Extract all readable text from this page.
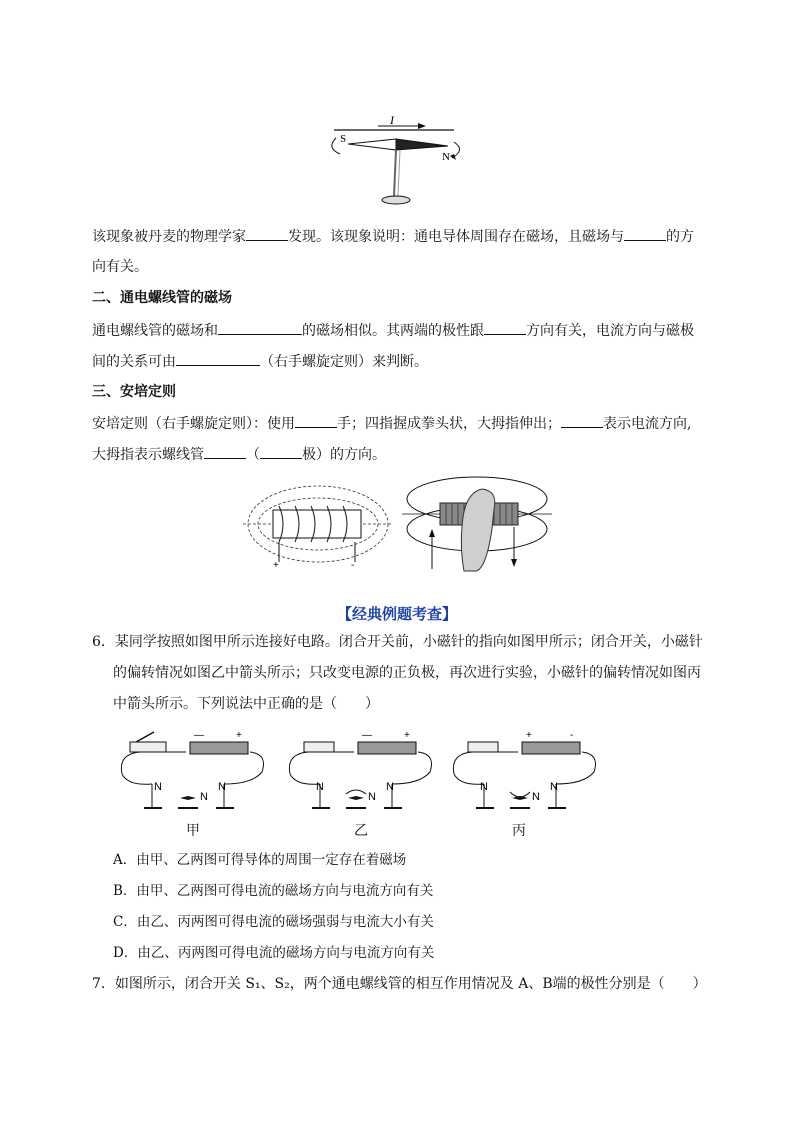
I
S
N
该现象被丹麦的物理学家	发现。该现象说明：通电导体周围存在磁场，且磁场与	的方
向有关。
二、通电螺线管的磁场
通电螺线管的磁场和	的磁场相似。其两端的极性跟	方向有关，电流方向与磁极
间的关系可由	（右手螺旋定则）来判断。
三、安培定则
安培定则（右手螺旋定则）：使用	手；四指握成拳头状，大拇指伸出；	表示电流方向,
大拇指表示螺线管	（	极）的方向。
+	-
【经典例题考查】
6．某同学按照如图甲所示连接好电路。闭合开关前，小磁针的指向如图甲所示；闭合开关，小磁针
的偏转情况如图乙中箭头所示；只改变电源的正负极，再次进行实验，小磁针的偏转情况如图丙
中箭头所示。下列说法中正确的是（　　）
—	+
N
N
N
—	+
N
N
N
+	-
N
N
N
甲	乙	丙
A．由甲、乙两图可得导体的周围一定存在着磁场
B．由甲、乙两图可得电流的磁场方向与电流方向有关
C．由乙、丙两图可得电流的磁场强弱与电流大小有关
D．由乙、丙两图可得电流的磁场方向与电流方向有关
7．如图所示，闭合开关 S₁、S₂，两个通电螺线管的相互作用情况及 A、B端的极性分别是（　　）
